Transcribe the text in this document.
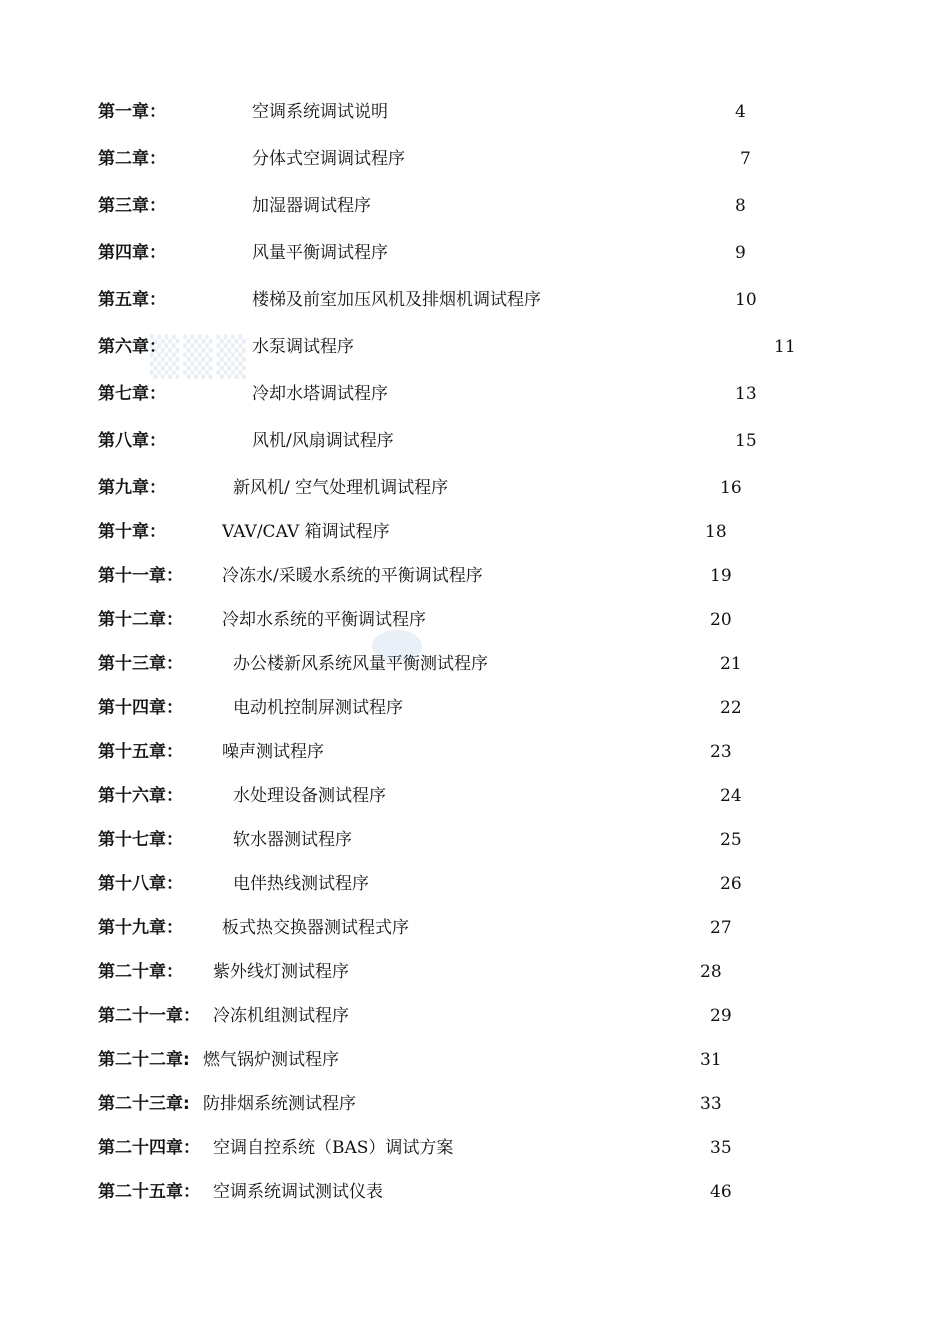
▒▒▒
第一章：	空调系统调试说明	4
第二章：	分体式空调调试程序	7
第三章：	加湿器调试程序	8
第四章：	风量平衡调试程序	9
第五章：	楼梯及前室加压风机及排烟机调试程序	10
第六章：	水泵调试程序	11
第七章：	冷却水塔调试程序	13
第八章：	风机/风扇调试程序	15
第九章：	新风机/ 空气处理机调试程序	16
第十章：	VAV/CAV 箱调试程序	18
第十一章： 冷冻水/采暖水系统的平衡调试程序	19
第十二章： 冷却水系统的平衡调试程序	20
第十三章：	办公楼新风系统风量平衡测试程序	21
第十四章：	电动机控制屏测试程序	22
第十五章： 噪声测试程序	23
第十六章：	水处理设备测试程序	24
第十七章：	软水器测试程序	25
第十八章：	电伴热线测试程序	26
第十九章： 板式热交换器测试程式序	27
第二十章： 紫外线灯测试程序	28
第二十一章： 冷冻机组测试程序	29
第二十二章: 燃气锅炉测试程序	31
第二十三章: 防排烟系统测试程序	33
第二十四章： 空调自控系统（BAS）调试方案	35
第二十五章： 空调系统调试测试仪表	46
